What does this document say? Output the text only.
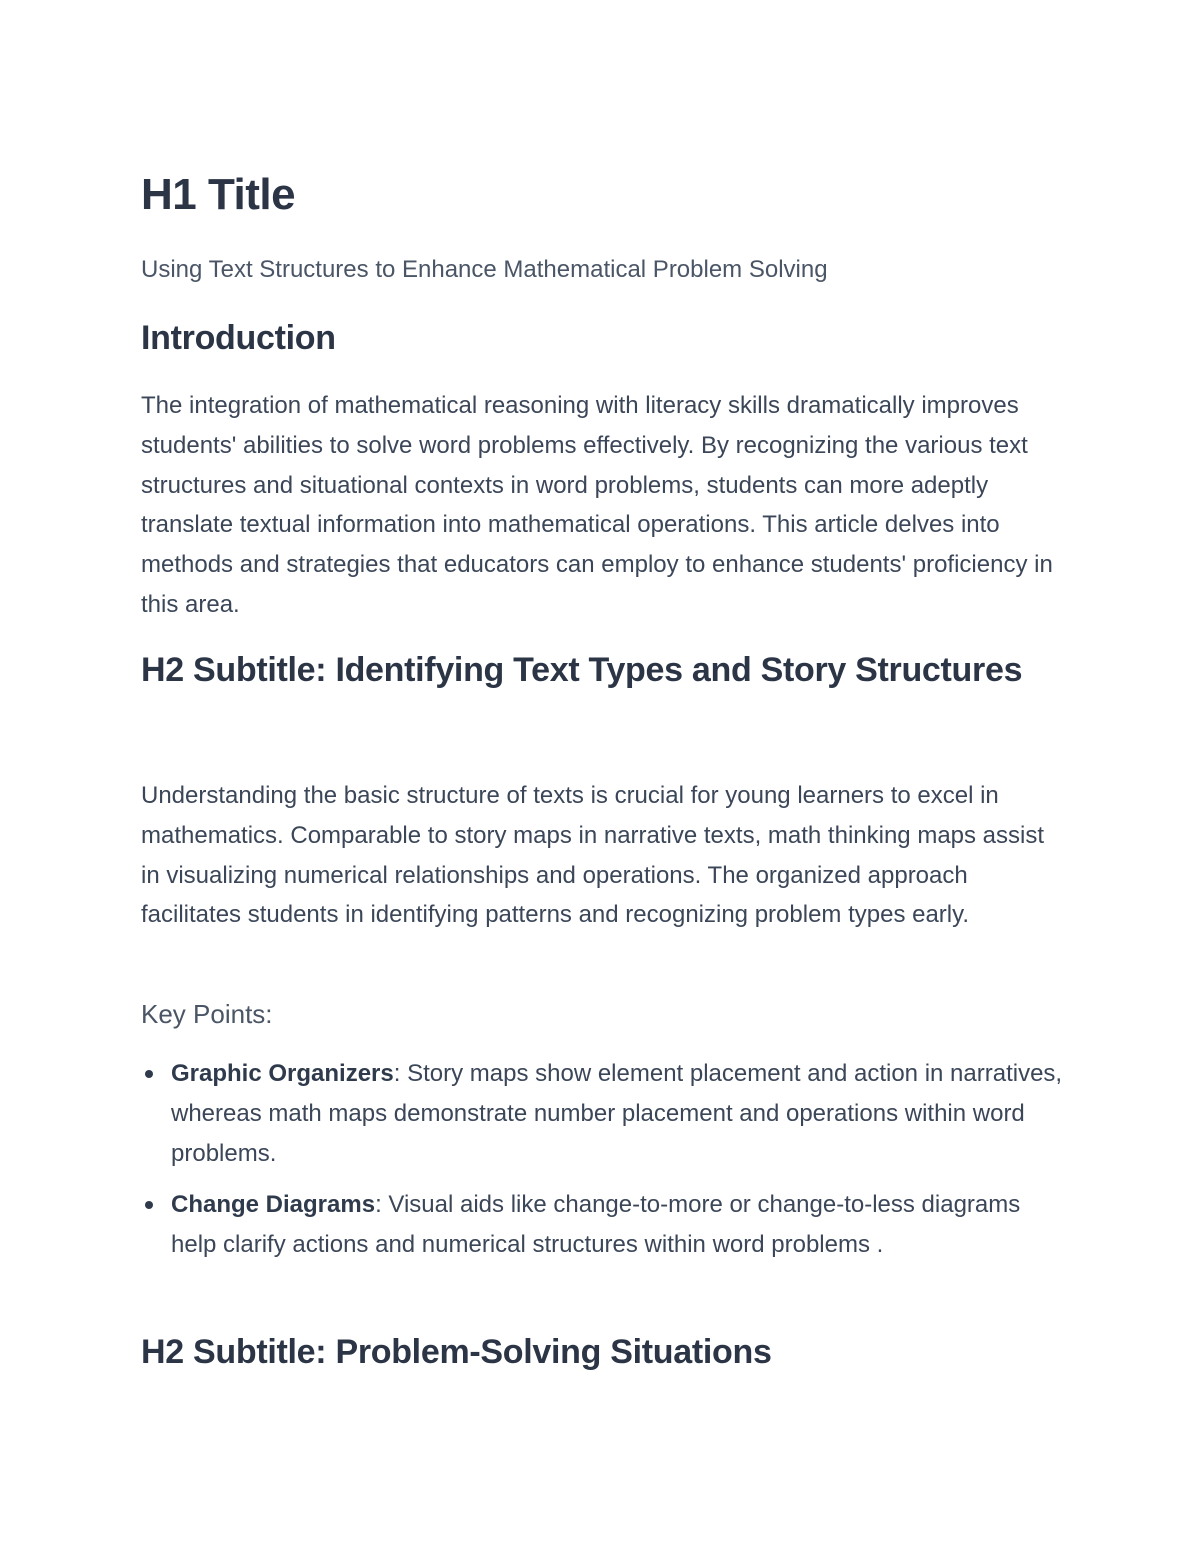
H1 Title

Using Text Structures to Enhance Mathematical Problem Solving

Introduction

The integration of mathematical reasoning with literacy skills dramatically improves students' abilities to solve word problems effectively. By recognizing the various text structures and situational contexts in word problems, students can more adeptly translate textual information into mathematical operations. This article delves into methods and strategies that educators can employ to enhance students' proficiency in this area.

H2 Subtitle: Identifying Text Types and Story Structures

Understanding the basic structure of texts is crucial for young learners to excel in mathematics. Comparable to story maps in narrative texts, math thinking maps assist in visualizing numerical relationships and operations. The organized approach facilitates students in identifying patterns and recognizing problem types early.

Key Points:

Graphic Organizers: Story maps show element placement and action in narratives, whereas math maps demonstrate number placement and operations within word problems.
Change Diagrams: Visual aids like change-to-more or change-to-less diagrams help clarify actions and numerical structures within word problems .
H2 Subtitle: Problem-Solving Situations
